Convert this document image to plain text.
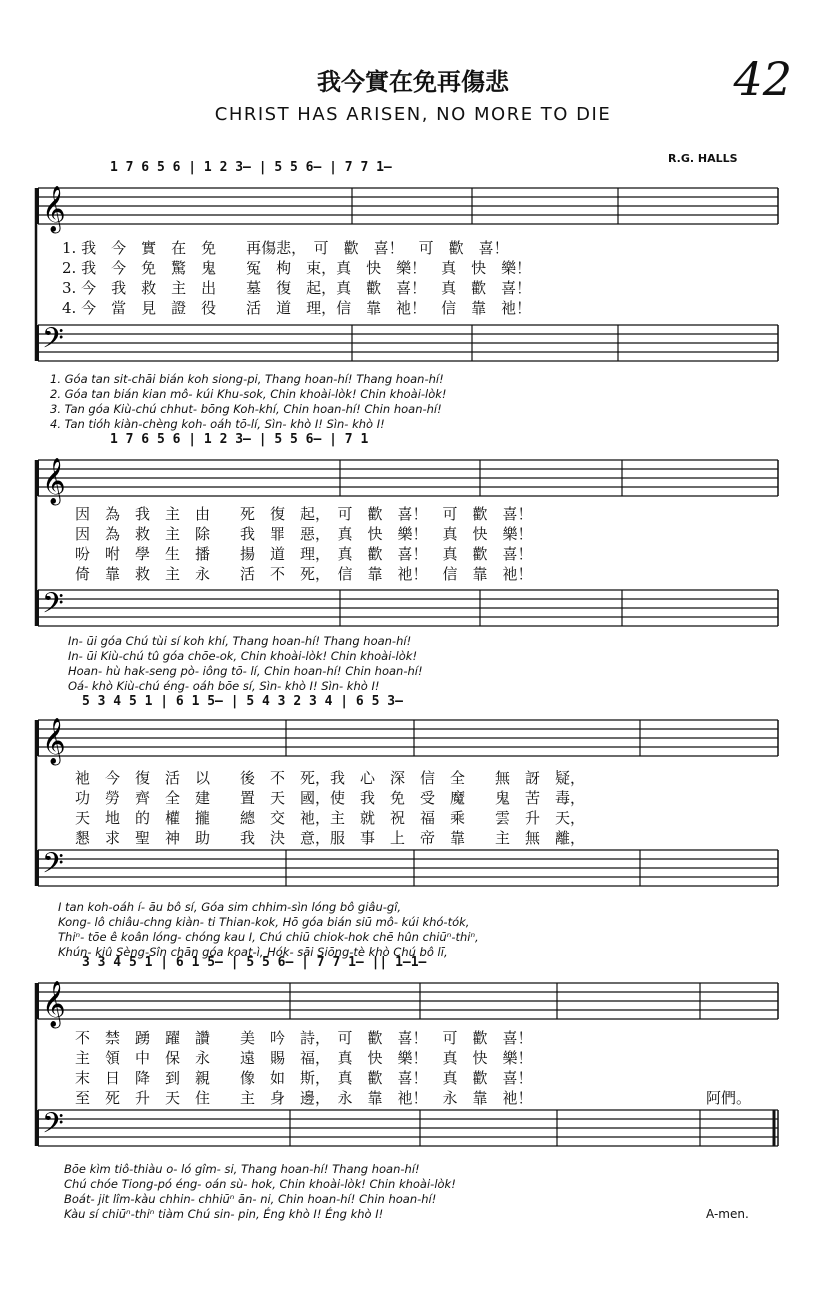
我今實在免再傷悲
CHRIST HAS ARISEN, NO MORE TO DIE
42
R.G. HALLS
𝄞
𝄢
𝄞
𝄢
𝄞
𝄢
𝄞
𝄢
1 7 6 5 6 | 1 2 3— | 5 5 6— | 7 7 1—
1. 我　今　實　在　免　　再傷悲，　可　歡　喜！　可　歡　喜！
2. 我　今　免　驚　鬼　　冤　枸　束，真　快　樂！　真　快　樂！
3. 今　我　救　主　出　　墓　復　起，真　歡　喜！　真　歡　喜！
4. 今　當　見　證　役　　活　道　理，信　靠　祂！　信　靠　祂！
1. Góa tan sit-chāi bián koh siong-pi, Thang hoan-hí! Thang hoan-hí!
2. Góa tan bián kian mô- kúi Khu-sok, Chin khoài-lòk! Chin khoài-lòk!
3. Tan góa Kiù-chú chhut- bōng Koh-khí, Chin hoan-hí! Chin hoan-hí!
4. Tan tióh kiàn-chèng koh- oáh tō-lí, Sìn- khò I! Sìn- khò I!
1 7 6 5 6 | 1 2 3— | 5 5 6— | 7 1
因　為　我　主　由　　死　復　起，　可　歡　喜！　可　歡　喜！
因　為　救　主　除　　我　罪　惡，　真　快　樂！　真　快　樂！
吩　咐　學　生　播　　揚　道　理，　真　歡　喜！　真　歡　喜！
倚　靠　救　主　永　　活　不　死，　信　靠　祂！　信　靠　祂！
In- ūi góa Chú tùi sí koh khí, Thang hoan-hí! Thang hoan-hí!
In- ūi Kiù-chú tû góa chōe-ok, Chin khoài-lòk! Chin khoài-lòk!
Hoan- hù hak-seng pò- iông tō- lí, Chin hoan-hí! Chin hoan-hí!
Oá- khò Kiù-chú éng- oáh bōe sí, Sìn- khò I! Sìn- khò I!
5 3 4 5 1 | 6 1 5— | 5 4 3 2 3 4 | 6 5 3—
祂　今　復　活　以　　後　不　死，我　心　深　信　全　　無　訝　疑，
功　勞　齊　全　建　　置　天　國，使　我　免　受　魔　　鬼　苦　毒，
天　地　的　權　攏　　總　交　祂，主　就　祝　福　乘　　雲　升　天，
懇　求　聖　神　助　　我　決　意，服　事　上　帝　靠　　主　無　離，
I tan koh-oáh í- āu bô sí, Góa sim chhim-sìn lóng bô giâu-gî,
Kong- lô chiâu-chng kiàn- ti Thian-kok, Hō góa bián siū mô- kúi khó-tók,
Thiⁿ- tōe ê koân lóng- chóng kau I, Chú chiū chiok-hok chē hûn chiūⁿ-thiⁿ,
Khún- kiû Sèng-Sîn chān góa koat-ì, Hók- sāi Siōng-tè khò Chú bô lī,
3 3 4 5 1 | 6 1 5— | 5 5 6— | 7 7 1— || 1—1—
不　禁　踴　躍　讚　　美　吟　詩，　可　歡　喜！　可　歡　喜！
主　領　中　保　永　　遠　賜　福，　真　快　樂！　真　快　樂！
末　日　降　到　親　　像　如　斯，　真　歡　喜！　真　歡　喜！
至　死　升　天　住　　主　身　邊，　永　靠　祂！　永　靠　祂！	阿們。
Bōe kìm tiô-thiàu o- ló gîm- si, Thang hoan-hí! Thang hoan-hí!
Chú chóe Tiong-pó éng- oán sù- hok, Chin khoài-lòk! Chin khoài-lòk!
Boát- jit lîm-kàu chhin- chhiūⁿ ān- ni, Chin hoan-hí! Chin hoan-hí!
Kàu sí chiūⁿ-thiⁿ tiàm Chú sin- pin, Éng khò I! Éng khò I!	A-men.
